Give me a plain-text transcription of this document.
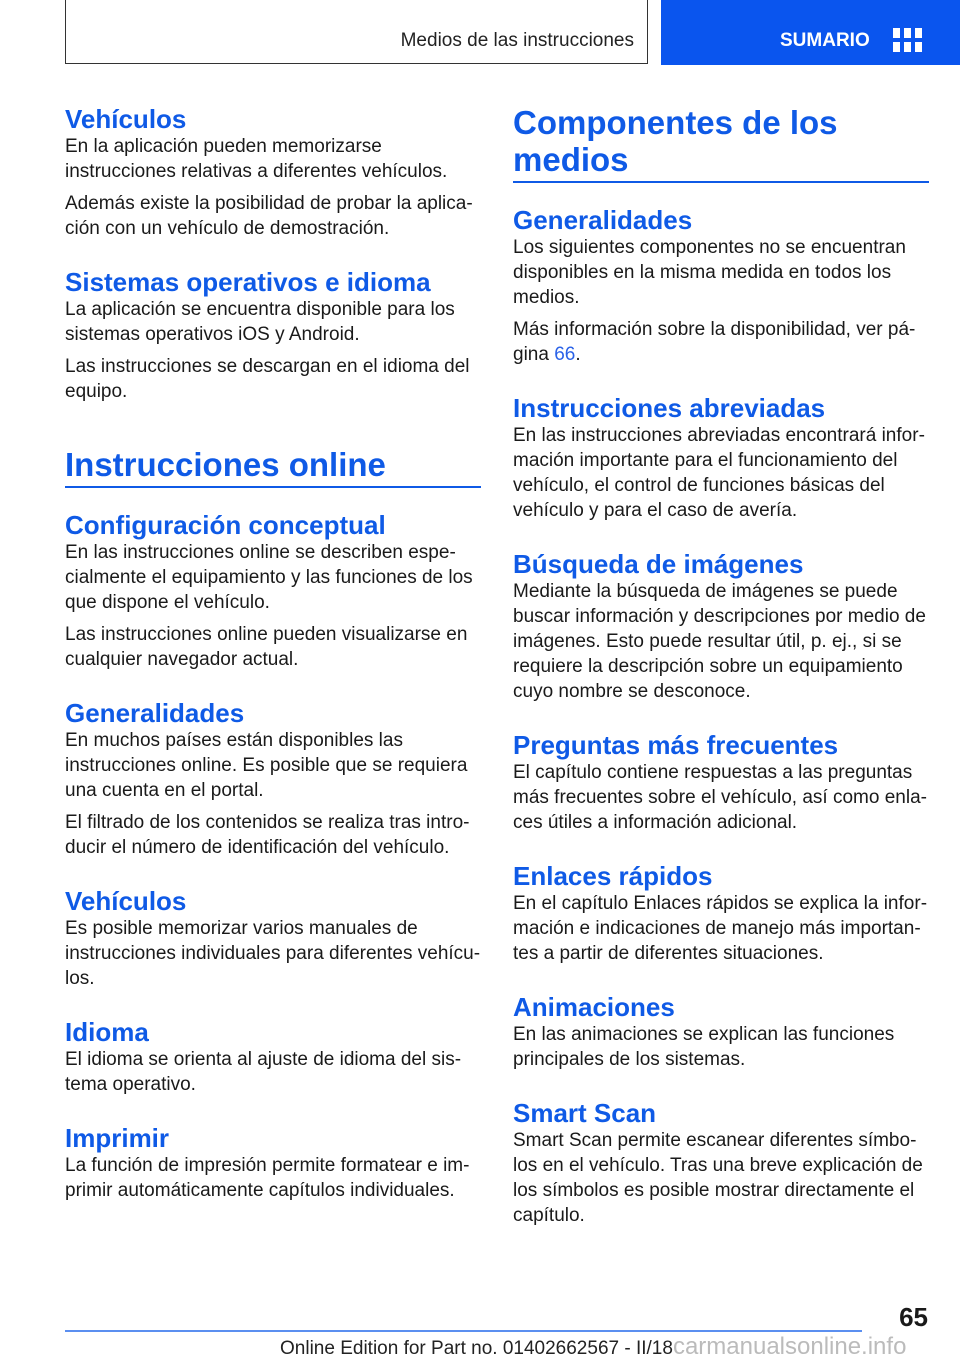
Medios de las instrucciones	SUMARIO
Vehículos

En la aplicación pueden memorizarse instrucciones relativas a diferentes vehículos.

Además existe la posibilidad de probar la aplicación con un vehículo de demostración.

Sistemas operativos e idioma

La aplicación se encuentra disponible para los sistemas operativos iOS y Android.

Las instrucciones se descargan en el idioma del equipo.

Instrucciones online
Configuración conceptual

En las instrucciones online se describen especialmente el equipamiento y las funciones de los que dispone el vehículo.

Las instrucciones online pueden visualizarse en cualquier navegador actual.

Generalidades

En muchos países están disponibles las instrucciones online. Es posible que se requiera una cuenta en el portal.

El filtrado de los contenidos se realiza tras introducir el número de identificación del vehículo.

Vehículos

Es posible memorizar varios manuales de instrucciones individuales para diferentes vehículos.

Idioma

El idioma se orienta al ajuste de idioma del sistema operativo.

Imprimir

La función de impresión permite formatear e imprimir automáticamente capítulos individuales.

Componentes de los medios
Generalidades

Los siguientes componentes no se encuentran disponibles en la misma medida en todos los medios.

Más información sobre la disponibilidad, ver página 66.

Instrucciones abreviadas

En las instrucciones abreviadas encontrará información importante para el funcionamiento del vehículo, el control de funciones básicas del vehículo y para el caso de avería.

Búsqueda de imágenes

Mediante la búsqueda de imágenes se puede buscar información y descripciones por medio de imágenes. Esto puede resultar útil, p. ej., si se requiere la descripción sobre un equipamiento cuyo nombre se desconoce.

Preguntas más frecuentes

El capítulo contiene respuestas a las preguntas más frecuentes sobre el vehículo, así como enlaces útiles a información adicional.

Enlaces rápidos

En el capítulo Enlaces rápidos se explica la información e indicaciones de manejo más importantes a partir de diferentes situaciones.

Animaciones

En las animaciones se explican las funciones principales de los sistemas.

Smart Scan

Smart Scan permite escanear diferentes símbolos en el vehículo. Tras una breve explicación de los símbolos es posible mostrar directamente el capítulo.

65
Online Edition for Part no. 01402662567 - II/18carmanualsonline.info
